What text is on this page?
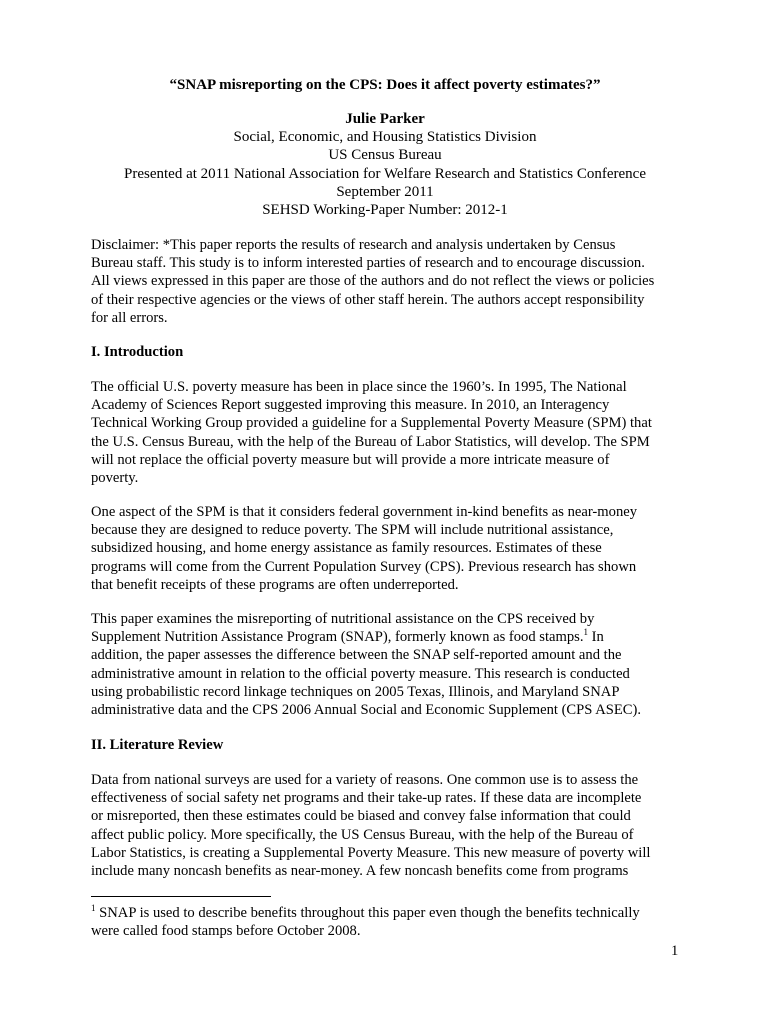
“SNAP misreporting on the CPS: Does it affect poverty estimates?”
Julie Parker
Social, Economic, and Housing Statistics Division
US Census Bureau
Presented at 2011 National Association for Welfare Research and Statistics Conference
September 2011
SEHSD Working-Paper Number: 2012-1
Disclaimer: *This paper reports the results of research and analysis undertaken by Census
Bureau staff. This study is to inform interested parties of research and to encourage discussion.
All views expressed in this paper are those of the authors and do not reflect the views or policies
of their respective agencies or the views of other staff herein. The authors accept responsibility
for all errors.
I. Introduction
The official U.S. poverty measure has been in place since the 1960’s. In 1995, The National
Academy of Sciences Report suggested improving this measure. In 2010, an Interagency
Technical Working Group provided a guideline for a Supplemental Poverty Measure (SPM) that
the U.S. Census Bureau, with the help of the Bureau of Labor Statistics, will develop. The SPM
will not replace the official poverty measure but will provide a more intricate measure of
poverty.
One aspect of the SPM is that it considers federal government in-kind benefits as near-money
because they are designed to reduce poverty. The SPM will include nutritional assistance,
subsidized housing, and home energy assistance as family resources. Estimates of these
programs will come from the Current Population Survey (CPS). Previous research has shown
that benefit receipts of these programs are often underreported.
This paper examines the misreporting of nutritional assistance on the CPS received by
Supplement Nutrition Assistance Program (SNAP), formerly known as food stamps.$^1$ In
addition, the paper assesses the difference between the SNAP self-reported amount and the
administrative amount in relation to the official poverty measure. This research is conducted
using probabilistic record linkage techniques on 2005 Texas, Illinois, and Maryland SNAP
administrative data and the CPS 2006 Annual Social and Economic Supplement (CPS ASEC).
II. Literature Review
Data from national surveys are used for a variety of reasons. One common use is to assess the
effectiveness of social safety net programs and their take-up rates. If these data are incomplete
or misreported, then these estimates could be biased and convey false information that could
affect public policy. More specifically, the US Census Bureau, with the help of the Bureau of
Labor Statistics, is creating a Supplemental Poverty Measure. This new measure of poverty will
include many noncash benefits as near-money. A few noncash benefits come from programs
$^1$ SNAP is used to describe benefits throughout this paper even though the benefits technically
were called food stamps before October 2008.
1
